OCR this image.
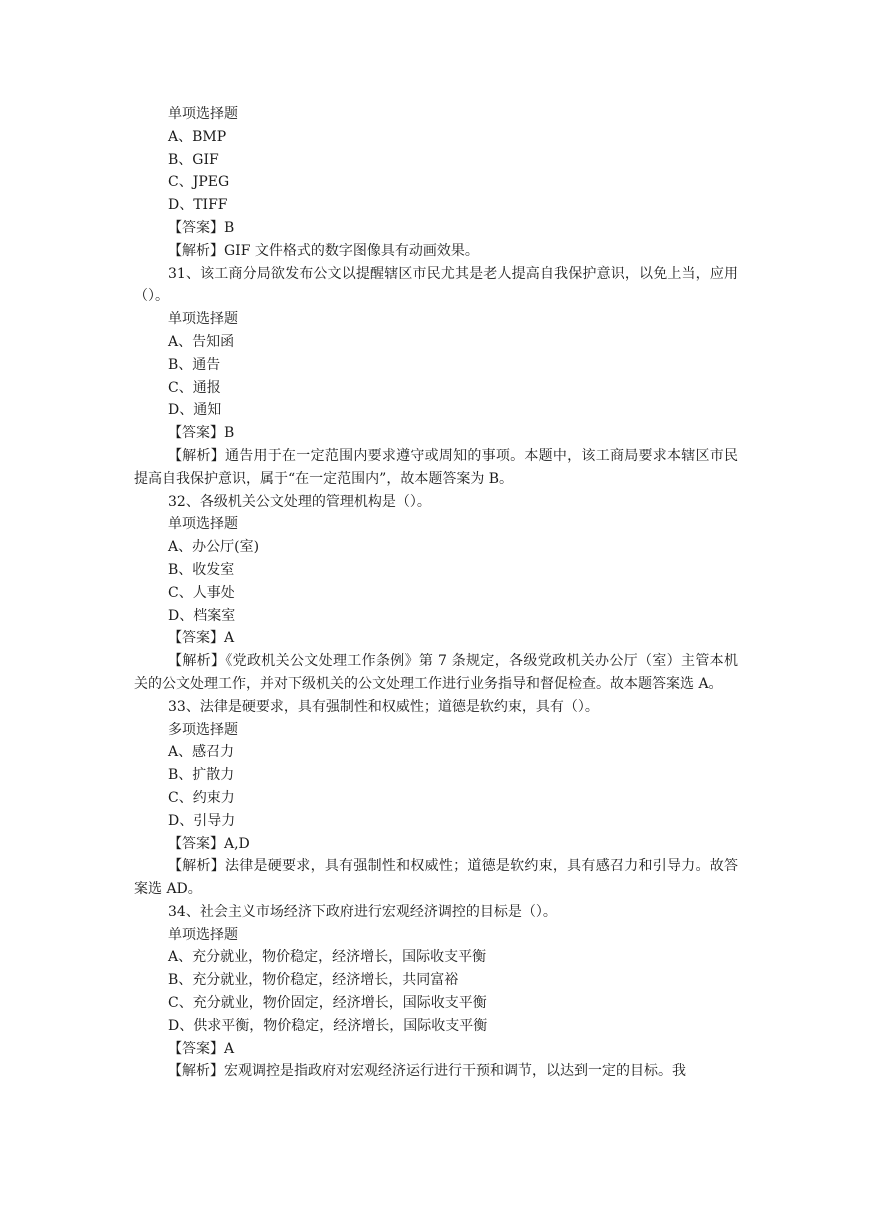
单项选择题
A、BMP
B、GIF
C、JPEG
D、TIFF
【答案】B
【解析】GIF 文件格式的数字图像具有动画效果。

31、该工商分局欲发布公文以提醒辖区市民尤其是老人提高自我保护意识，以免上当，应用（）。

单项选择题
A、告知函
B、通告
C、通报
D、通知
【答案】B

【解析】通告用于在一定范围内要求遵守或周知的事项。本题中，该工商局要求本辖区市民提高自我保护意识，属于“在一定范围内”，故本题答案为 B。

32、各级机关公文处理的管理机构是（）。
单项选择题
A、办公厅(室)
B、收发室
C、人事处
D、档案室
【答案】A

【解析】《党政机关公文处理工作条例》第 7 条规定，各级党政机关办公厅（室）主管本机关的公文处理工作，并对下级机关的公文处理工作进行业务指导和督促检查。故本题答案选 A。

33、法律是硬要求，具有强制性和权威性；道德是软约束，具有（）。
多项选择题
A、感召力
B、扩散力
C、约束力
D、引导力
【答案】A,D

【解析】法律是硬要求，具有强制性和权威性；道德是软约束，具有感召力和引导力。故答案选 AD。

34、社会主义市场经济下政府进行宏观经济调控的目标是（）。
单项选择题
A、充分就业，物价稳定，经济增长，国际收支平衡
B、充分就业，物价稳定，经济增长，共同富裕
C、充分就业，物价固定，经济增长，国际收支平衡
D、供求平衡，物价稳定，经济增长，国际收支平衡
【答案】A
【解析】宏观调控是指政府对宏观经济运行进行干预和调节，以达到一定的目标。我
